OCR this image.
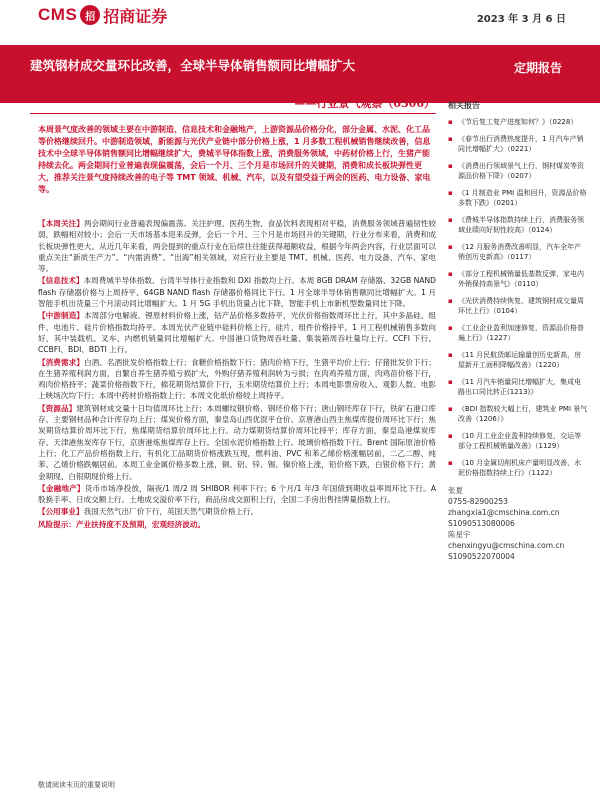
CMS 招 招商证券	2023 年 3 月 6 日
建筑钢材成交量环比改善，全球半导体销售额同比增幅扩大	定期报告
——行业景气观察（0306）
本周景气度改善的领域主要在中游制造、信息技术和金融地产，上游资源品价格分化，部分金属、水泥、化工品等价格继续回升。中游制造领域，新能源与光伏产业链中部分价格上涨，1 月多数工程机械销售继续改善，信息技术中全球半导体销售额同比增幅继续扩大，费城半导体指数上涨，消费服务领域，中药材价格上行，生猪产能持续去化。两会期间行业普遍表现偏震荡，会后一个月、三个月是市场回升的关键期，消费和成长板块弹性更大，推荐关注景气度持续改善的电子等 TMT 领域、机械、汽车，以及有望受益于两会的医药、电力设备、家电等。

【本周关注】两会期间行业普遍表现偏震荡。关注护理、医药生物、食品饮料表现相对平稳，消费服务领域普遍韧性较弱，跌幅相对较小；会后一天市场基本迎来反弹，会后一个月、三个月是市场回升的关键期，行业分布来看，消费和成长板块弹性更大。从近几年来看，两会提到的重点行业在后续往往能获得超额收益，根据今年两会内容，行业层面可以重点关注“新质生产力”、“内需消费”、“出海”相关领域，对应行业主要是 TMT、机械、医药、电力设备、汽车、家电等。

【信息技术】本周费城半导体指数、台湾半导体行业指数和 DXI 指数均上行。本周 8GB DRAM 存储器、32GB NAND flash 存储器价格与上周持平、64GB NAND flash 存储器价格同比下行。1 月全球半导体销售额同比增幅扩大。1 月智能手机出货量三个月滚动同比增幅扩大。1 月 5G 手机出货量占比下降，智能手机上市新机型数量同比下降。

【中游制造】本周部分电解液、锂原材料价格上涨，钴产品价格多数持平，光伏价格指数周环比上行，其中多晶硅、组件、电池片、硅片价格指数均持平。本周光伏产业链中硅料价格上行，硅片、组件价格持平。1 月工程机械销售多数向好，其中装载机、叉车、内燃机销量同比增幅扩大。中国港口货物周吞吐量、集装箱周吞吐量均上行。CCFI 下行、CCBFI、BDI、BDTI 上行。

【消费需求】白酒、名酒批发价格指数上行；食糖价格指数下行；猪肉价格下行，生猪平均价上行；仔猪批发价下行；在生猪养殖利润方面，自繁自养生猪养殖亏损扩大，外购仔猪养殖利润转为亏损；在肉鸡养殖方面，肉鸡苗价格下行，鸡肉价格持平；蔬菜价格指数下行，棉花期货结算价下行，玉米期货结算价上行；本周电影票房收入、观影人数、电影上映场次均下行；本周中药材价格指数上行；本周文化纸价格较上周持平。

【资源品】建筑钢材成交量十日均值周环比上行；本周螺纹钢价格、钢坯价格下行；唐山钢坯库存下行，铁矿石港口库存、主要钢材品种合计库存均上行；煤炭价格方面，秦皇岛山西优混平仓价、京唐港山西主焦煤库提价周环比下行；焦炭期货结算价周环比下行，焦煤期货结算价周环比上行。动力煤期货结算价周环比持平；库存方面，秦皇岛港煤炭库存、天津港焦炭库存下行，京唐港炼焦煤库存上行。全国水泥价格指数上行。玻璃价格指数下行。Brent 国际原油价格上行；化工产品价格指数上行，有机化工品期货价格涨跌互现，燃料油、PVC 和苯乙烯价格涨幅居前，二乙二醇、纯苯、乙烯价格跌幅居前。本周工业金属价格多数上涨，铜、铝、锌、锡、镍价格上涨，铅价格下跌，白银价格下行；黄金期现、白银期现价格上行。

【金融地产】货币市场净投放，隔夜/1 周/2 周 SHIBOR 利率下行；6 个月/1 年/3 年国债到期收益率周环比下行。A 股换手率、日成交额上行。土地成交溢价率下行，商品房成交面积上行，全国二手房出售挂牌量指数上行。

【公用事业】我国天然气出厂价下行，英国天然气期货价格上行。

风险提示：产业扶持度不及预期，宏观经济波动。
相关报告
▪ 《节后复工复产进度如何？》（0228）
▪ 《春节出行消费热度提升，1 月汽车产销同比增幅扩大》（0221）
▪ 《消费出行领域景气上行，钢材煤炭等资源品价格下降》（0207）
▪ 《1 月制造业 PMI 温和回升，资源品价格多数下跌》（0201）
▪ 《费城半导体指数持续上行，消费服务领域业绩向好韧性较高》（0124）
▪ 《12 月服务消费改善明显，汽车全年产销创历史新高》（0117）
▪ 《部分工程机械销量低基数反弹，家电内外销保持高景气》（0110）
▪ 《光伏消费持续恢复，建筑钢材成交量周环比上行》（0104）
▪ 《工业企业盈利加速修复，资源品价格普遍上行》（1227）
▪ 《11 月民航货邮运输量创历史新高，房屋新开工面积降幅改善》（1220）
▪ 《11 月汽车销量同比增幅扩大，集成电路出口同比转正(1213)》
▪ 《BDI 指数较大幅上行，建筑业 PMI 景气改善（1206）》
▪ 《10 月工业企业盈利持续修复，交运等部分工程机械销量改善》（1129）
▪ 《10 月金属切削机床产量明显改善，水泥价格指数持续上行》（1122）
张夏
0755-82900253
zhangxia1@cmschina.com.cn
S1090513080006
陈星宇
chenxingyu@cmschina.com.cn
S1090522070004
敬请阅读末页的重要说明
